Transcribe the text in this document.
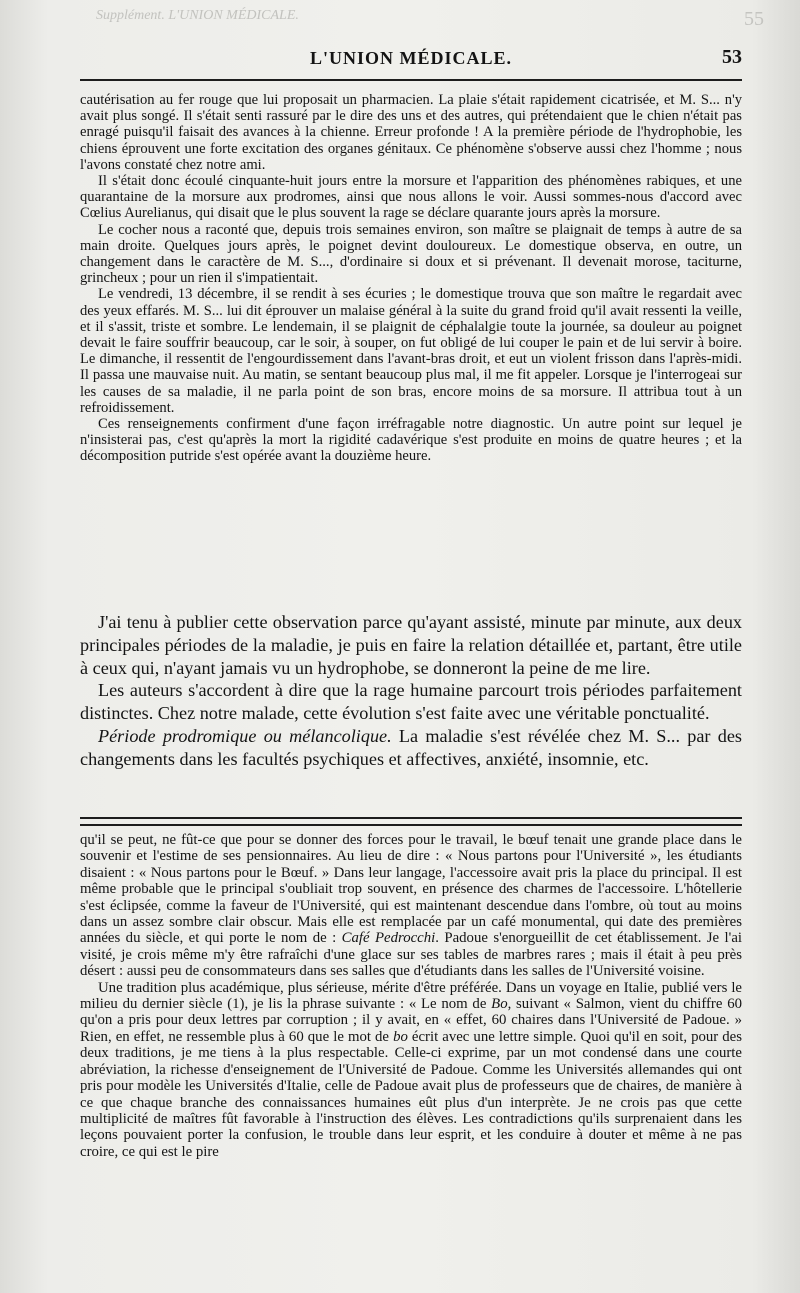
Supplément. L'UNION MÉDICALE.	55
L'UNION MÉDICALE.	53

cautérisation au fer rouge que lui proposait un pharmacien. La plaie s'était rapidement cicatrisée, et M. S... n'y avait plus songé. Il s'était senti rassuré par le dire des uns et des autres, qui prétendaient que le chien n'était pas enragé puisqu'il faisait des avances à la chienne. Erreur profonde ! A la première période de l'hydrophobie, les chiens éprouvent une forte excitation des organes génitaux. Ce phénomène s'observe aussi chez l'homme ; nous l'avons constaté chez notre ami.

Il s'était donc écoulé cinquante-huit jours entre la morsure et l'apparition des phénomènes rabiques, et une quarantaine de la morsure aux prodromes, ainsi que nous allons le voir. Aussi sommes-nous d'accord avec Cœlius Aurelianus, qui disait que le plus souvent la rage se déclare quarante jours après la morsure.

Le cocher nous a raconté que, depuis trois semaines environ, son maître se plaignait de temps à autre de sa main droite. Quelques jours après, le poignet devint douloureux. Le domestique observa, en outre, un changement dans le caractère de M. S..., d'ordinaire si doux et si prévenant. Il devenait morose, taciturne, grincheux ; pour un rien il s'impatientait.

Le vendredi, 13 décembre, il se rendit à ses écuries ; le domestique trouva que son maître le regardait avec des yeux effarés. M. S... lui dit éprouver un malaise général à la suite du grand froid qu'il avait ressenti la veille, et il s'assit, triste et sombre. Le lendemain, il se plaignit de céphalalgie toute la journée, sa douleur au poignet devait le faire souffrir beaucoup, car le soir, à souper, on fut obligé de lui couper le pain et de lui servir à boire. Le dimanche, il ressentit de l'engourdissement dans l'avant-bras droit, et eut un violent frisson dans l'après-midi. Il passa une mauvaise nuit. Au matin, se sentant beaucoup plus mal, il me fit appeler. Lorsque je l'interrogeai sur les causes de sa maladie, il ne parla point de son bras, encore moins de sa morsure. Il attribua tout à un refroidissement.

Ces renseignements confirment d'une façon irréfragable notre diagnostic. Un autre point sur lequel je n'insisterai pas, c'est qu'après la mort la rigidité cadavérique s'est produite en moins de quatre heures ; et la décomposition putride s'est opérée avant la douzième heure.

J'ai tenu à publier cette observation parce qu'ayant assisté, minute par minute, aux deux principales périodes de la maladie, je puis en faire la relation détaillée et, partant, être utile à ceux qui, n'ayant jamais vu un hydrophobe, se donneront la peine de me lire.

Les auteurs s'accordent à dire que la rage humaine parcourt trois périodes parfaitement distinctes. Chez notre malade, cette évolution s'est faite avec une véritable ponctualité.

Période prodromique ou mélancolique. La maladie s'est révélée chez M. S... par des changements dans les facultés psychiques et affectives, anxiété, insomnie, etc.

qu'il se peut, ne fût-ce que pour se donner des forces pour le travail, le bœuf tenait une grande place dans le souvenir et l'estime de ses pensionnaires. Au lieu de dire : « Nous partons pour l'Université », les étudiants disaient : « Nous partons pour le Bœuf. » Dans leur langage, l'accessoire avait pris la place du principal. Il est même probable que le principal s'oubliait trop souvent, en présence des charmes de l'accessoire. L'hôtellerie s'est éclipsée, comme la faveur de l'Université, qui est maintenant descendue dans l'ombre, où tout au moins dans un assez sombre clair obscur. Mais elle est remplacée par un café monumental, qui date des premières années du siècle, et qui porte le nom de : Café Pedrocchi. Padoue s'enorgueillit de cet établissement. Je l'ai visité, je crois même m'y être rafraîchi d'une glace sur ses tables de marbres rares ; mais il était à peu près désert : aussi peu de consommateurs dans ses salles que d'étudiants dans les salles de l'Université voisine.

Une tradition plus académique, plus sérieuse, mérite d'être préférée. Dans un voyage en Italie, publié vers le milieu du dernier siècle (1), je lis la phrase suivante : « Le nom de Bo, suivant « Salmon, vient du chiffre 60 qu'on a pris pour deux lettres par corruption ; il y avait, en « effet, 60 chaires dans l'Université de Padoue. » Rien, en effet, ne ressemble plus à 60 que le mot de bo écrit avec une lettre simple. Quoi qu'il en soit, pour des deux traditions, je me tiens à la plus respectable. Celle-ci exprime, par un mot condensé dans une courte abréviation, la richesse d'enseignement de l'Université de Padoue. Comme les Universités allemandes qui ont pris pour modèle les Universités d'Italie, celle de Padoue avait plus de professeurs que de chaires, de manière à ce que chaque branche des connaissances humaines eût plus d'un interprète. Je ne crois pas que cette multiplicité de maîtres fût favorable à l'instruction des élèves. Les contradictions qu'ils surprenaient dans les leçons pouvaient porter la confusion, le trouble dans leur esprit, et les conduire à douter et même à ne pas croire, ce qui est le pire
